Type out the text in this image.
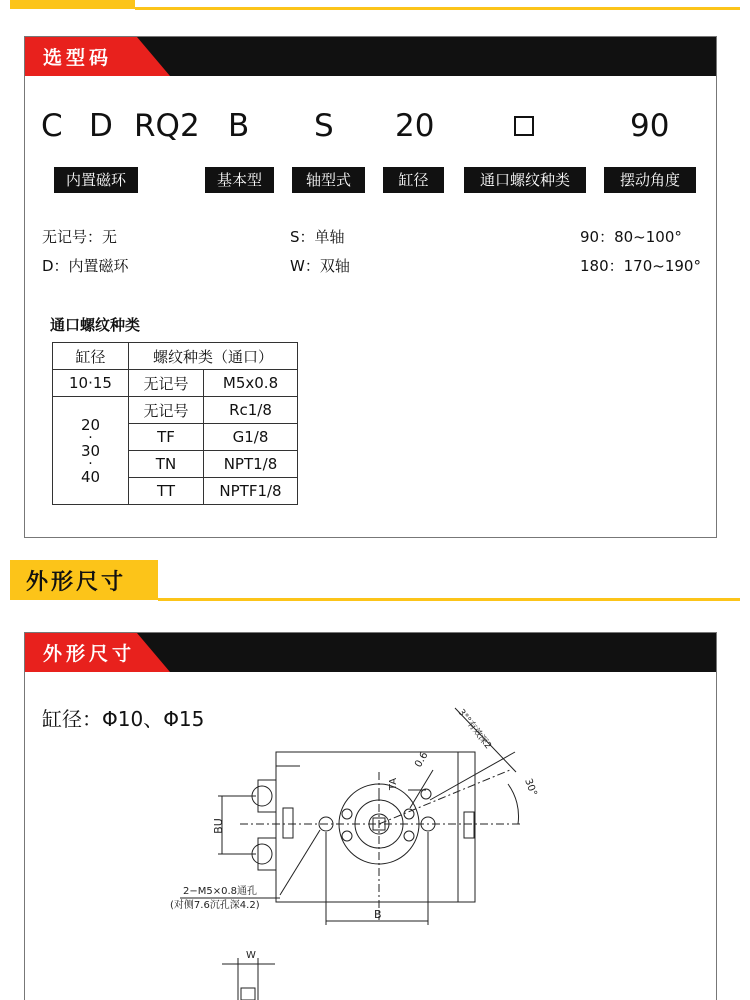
选型码
C D RQ2 B S 20	90
内置磁环	基本型	轴型式	缸径	通口螺纹种类	摆动角度
无记号：无
D：内置磁环
S：单轴
W：双轴
90：80~100°
180：170~190°
通口螺纹种类
缸径	螺纹种类（通口）	
10·15	无记号	M5x0.8

20
·
30
·
40	无记号	Rc1/8
	TF	G1/8
	TN	NPT1/8
	TT	NPTF1/8
外形尺寸
外形尺寸
缸径：Φ10、Φ15
BU
TA
0.6
30°
3°°有效深2
B
W
2−M5×0.8通孔
(对侧7.6沉孔深4.2)
